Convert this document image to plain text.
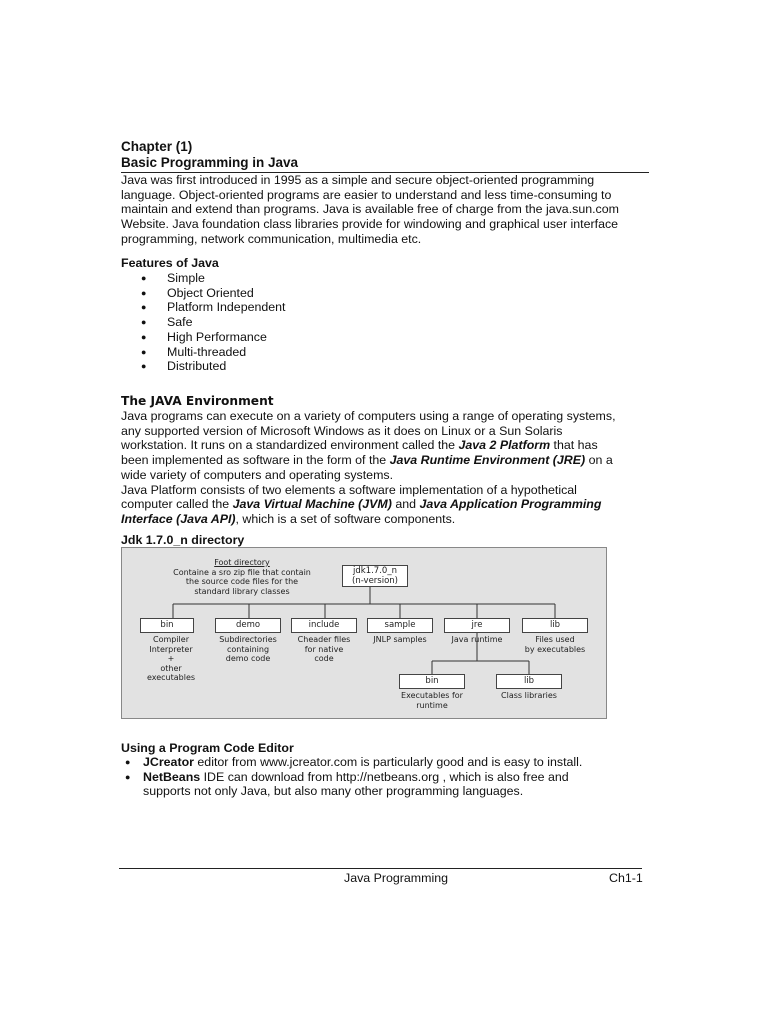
Chapter (1)
Basic Programming in Java
Java was first introduced in 1995 as a simple and secure object-oriented programming
language. Object-oriented programs are easier to understand and less time-consuming to
maintain and extend than programs. Java is available free of charge from the java.sun.com
Website. Java foundation class libraries provide for windowing and graphical user interface
programming, network communication, multimedia etc.
Features of Java
●	Simple
●	Object Oriented
●	Platform Independent
●	Safe
●	High Performance
●	Multi-threaded
●	Distributed
The JAVA Environment
Java programs can execute on a variety of computers using a range of operating systems,
any supported version of Microsoft Windows as it does on Linux or a Sun Solaris
workstation. It runs on a standardized environment called the Java 2 Platform that has
been implemented as software in the form of the Java Runtime Environment (JRE) on a
wide variety of computers and operating systems.
Java Platform consists of two elements a software implementation of a hypothetical
computer called the Java Virtual Machine (JVM) and Java Application Programming
Interface (Java API), which is a set of software components.
Jdk 1.7.0_n directory
Foot directory
Containe a sro zip file that contain
the source code files for the
standard library classes
jdk1.7.0_n
(n-version)
bin	demo	include	sample	jre	lib
Compiler
Interpreter
+
other
executables
Subdirectories
containing
demo code
Cheader files
for native
code
JNLP samples	Java runtime	Files used
by executables
bin	lib
Executables for
runtime
Class libraries
Using a Program Code Editor
●	JCreator editor from www.jcreator.com is particularly good and is easy to install.
●	NetBeans IDE can download from http://netbeans.org , which is also free and
supports not only Java, but also many other programming languages.
Java Programming	Ch1-1
